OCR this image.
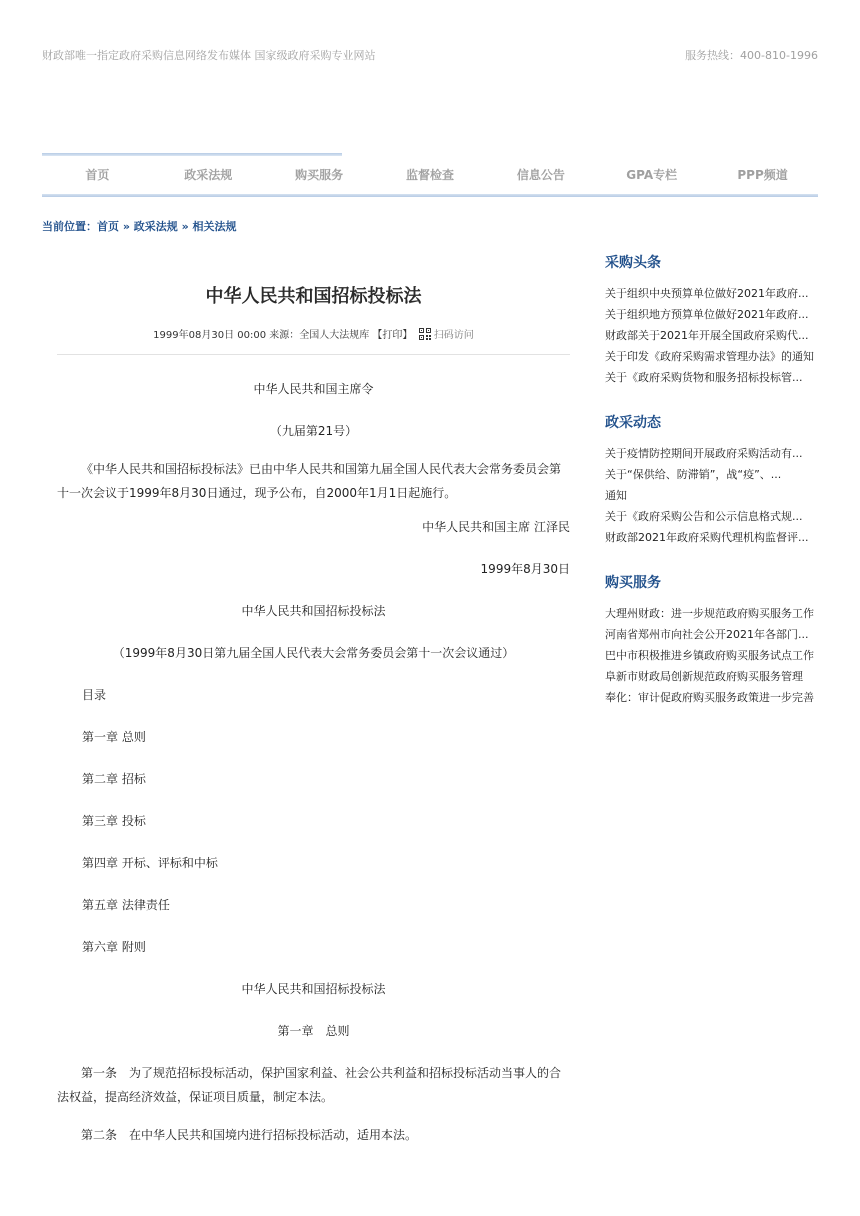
财政部唯一指定政府采购信息网络发布媒体 国家级政府采购专业网站	服务热线：400-810-1996
首页	政采法规	购买服务	监督检查	信息公告	GPA专栏	PPP频道
当前位置：首页 » 政采法规 » 相关法规
中华人民共和国招标投标法
1999年08月30日 00:00 来源：全国人大法规库 【打印】 扫码访问
中华人民共和国主席令
（九届第21号）
《中华人民共和国招标投标法》已由中华人民共和国第九届全国人民代表大会常务委员会第十一次会议于1999年8月30日通过，现予公布，自2000年1月1日起施行。
中华人民共和国主席 江泽民
1999年8月30日
中华人民共和国招标投标法
（1999年8月30日第九届全国人民代表大会常务委员会第十一次会议通过）
目录
第一章 总则
第二章 招标
第三章 投标
第四章 开标、评标和中标
第五章 法律责任
第六章 附则
中华人民共和国招标投标法
第一章　总则
第一条　为了规范招标投标活动，保护国家利益、社会公共利益和招标投标活动当事人的合法权益，提高经济效益，保证项目质量，制定本法。
第二条　在中华人民共和国境内进行招标投标活动，适用本法。
采购头条
关于组织中央预算单位做好2021年政府...
关于组织地方预算单位做好2021年政府...
财政部关于2021年开展全国政府采购代...
关于印发《政府采购需求管理办法》的通知
关于《政府采购货物和服务招标投标管...
政采动态
关于疫情防控期间开展政府采购活动有...
关于“保供给、防滞销”，战“疫”、...
通知
关于《政府采购公告和公示信息格式规...
财政部2021年政府采购代理机构监督评...
购买服务
大理州财政：进一步规范政府购买服务工作
河南省郑州市向社会公开2021年各部门...
巴中市积极推进乡镇政府购买服务试点工作
阜新市财政局创新规范政府购买服务管理
奉化：审计促政府购买服务政策进一步完善
